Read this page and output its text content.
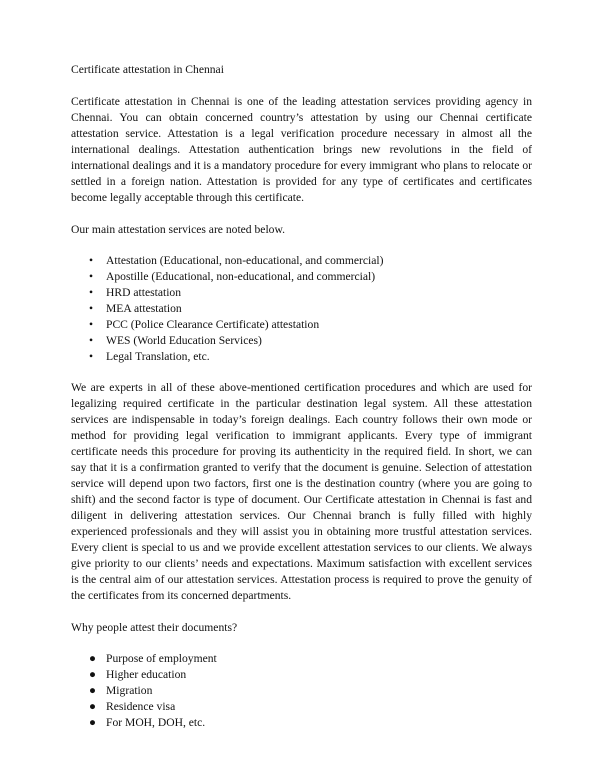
Certificate attestation in Chennai

Certificate attestation in Chennai is one of the leading attestation services providing agency in Chennai. You can obtain concerned country’s attestation by using our Chennai certificate attestation service. Attestation is a legal verification procedure necessary in almost all the international dealings. Attestation authentication brings new revolutions in the field of international dealings and it is a mandatory procedure for every immigrant who plans to relocate or settled in a foreign nation. Attestation is provided for any type of certificates and certificates become legally acceptable through this certificate.

Our main attestation services are noted below.

• Attestation (Educational, non-educational, and commercial)
• Apostille (Educational, non-educational, and commercial)
• HRD attestation
• MEA attestation
• PCC (Police Clearance Certificate) attestation
• WES (World Education Services)
• Legal Translation, etc.

We are experts in all of these above-mentioned certification procedures and which are used for legalizing required certificate in the particular destination legal system. All these attestation services are indispensable in today’s foreign dealings. Each country follows their own mode or method for providing legal verification to immigrant applicants. Every type of immigrant certificate needs this procedure for proving its authenticity in the required field. In short, we can say that it is a confirmation granted to verify that the document is genuine. Selection of attestation service will depend upon two factors, first one is the destination country (where you are going to shift) and the second factor is type of document. Our Certificate attestation in Chennai is fast and diligent in delivering attestation services. Our Chennai branch is fully filled with highly experienced professionals and they will assist you in obtaining more trustful attestation services. Every client is special to us and we provide excellent attestation services to our clients. We always give priority to our clients’ needs and expectations. Maximum satisfaction with excellent services is the central aim of our attestation services. Attestation process is required to prove the genuity of the certificates from its concerned departments.

Why people attest their documents?

● Purpose of employment
● Higher education
● Migration
● Residence visa
● For MOH, DOH, etc.
